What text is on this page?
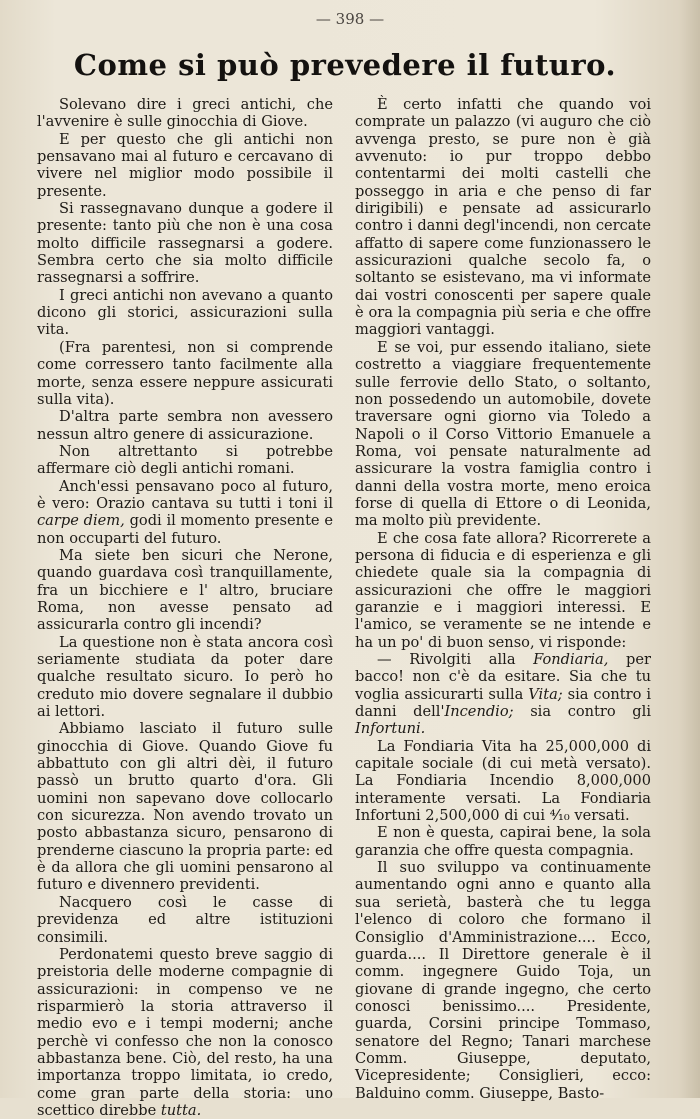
— 398 —
Come si può prevedere il futuro.

Solevano dire i greci antichi, che l'avvenire è sulle ginocchia di Giove.

E per questo che gli antichi non pensavano mai al futuro e cercavano di vivere nel miglior modo possibile il presente.

Si rassegnavano dunque a godere il presente: tanto più che non è una cosa molto difficile rassegnarsi a godere. Sembra certo che sia molto difficile rassegnarsi a soffrire.

I greci antichi non avevano a quanto dicono gli storici, assicurazioni sulla vita.

(Fra parentesi, non si comprende come corressero tanto facilmente alla morte, senza essere neppure assicurati sulla vita).

D'altra parte sembra non avessero nessun altro genere di assicurazione.

Non altrettanto si potrebbe affermare ciò degli antichi romani.

Anch'essi pensavano poco al futuro, è vero: Orazio cantava su tutti i toni il carpe diem, godi il momento presente e non occuparti del futuro.

Ma siete ben sicuri che Nerone, quando guardava così tranquillamente, fra un bicchiere e l' altro, bruciare Roma, non avesse pensato ad assicurarla contro gli incendi?

La questione non è stata ancora così seriamente studiata da poter dare qualche resultato sicuro. Io però ho creduto mio dovere segnalare il dubbio ai lettori.

Abbiamo lasciato il futuro sulle ginocchia di Giove. Quando Giove fu abbattuto con gli altri dèi, il futuro passò un brutto quarto d'ora. Gli uomini non sapevano dove collocarlo con sicurezza. Non avendo trovato un posto abbastanza sicuro, pensarono di prenderne ciascuno la propria parte: ed è da allora che gli uomini pensarono al futuro e divennero previdenti.

Nacquero così le casse di previdenza ed altre istituzioni consimili.

Perdonatemi questo breve saggio di preistoria delle moderne compagnie di assicurazioni: in compenso ve ne risparmierò la storia attraverso il medio evo e i tempi moderni; anche perchè vi confesso che non la conosco abbastanza bene. Ciò, del resto, ha una importanza troppo limitata, io credo, come gran parte della storia: uno scettico direbbe tutta.

È certo infatti che quando voi comprate un palazzo (vi auguro che ciò avvenga presto, se pure non è già avvenuto: io pur troppo debbo contentarmi dei molti castelli che posseggo in aria e che penso di far dirigibili) e pensate ad assicurarlo contro i danni degl'incendi, non cercate affatto di sapere come funzionassero le assicurazioni qualche secolo fa, o soltanto se esistevano, ma vi informate dai vostri conoscenti per sapere quale è ora la compagnia più seria e che offre maggiori vantaggi.

E se voi, pur essendo italiano, siete costretto a viaggiare frequentemente sulle ferrovie dello Stato, o soltanto, non possedendo un automobile, dovete traversare ogni giorno via Toledo a Napoli o il Corso Vittorio Emanuele a Roma, voi pensate naturalmente ad assicurare la vostra famiglia contro i danni della vostra morte, meno eroica forse di quella di Ettore o di Leonida, ma molto più previdente.

E che cosa fate allora? Ricorrerete a persona di fiducia e di esperienza e gli chiedete quale sia la compagnia di assicurazioni che offre le maggiori garanzie e i maggiori interessi. E l'amico, se veramente se ne intende e ha un po' di buon senso, vi risponde:

— Rivolgiti alla Fondiaria, per bacco! non c'è da esitare. Sia che tu voglia assicurarti sulla Vita; sia contro i danni dell'Incendio; sia contro gli Infortuni.

La Fondiaria Vita ha 25,000,000 di capitale sociale (di cui metà versato). La Fondiaria Incendio 8,000,000 interamente versati. La Fondiaria Infortuni 2,500,000 di cui ⁴⁄₁₀ versati.

E non è questa, capirai bene, la sola garanzia che offre questa compagnia.

Il suo sviluppo va continuamente aumentando ogni anno e quanto alla sua serietà, basterà che tu legga l'elenco di coloro che formano il Consiglio d'Amministrazione.... Ecco, guarda.... Il Direttore generale è il comm. ingegnere Guido Toja, un giovane di grande ingegno, che certo conosci benissimo.... Presidente, guarda, Corsini principe Tommaso, senatore del Regno; Tanari marchese Comm. Giuseppe, deputato, Vicepresidente; Consiglieri, ecco: Balduino comm. Giuseppe, Basto-
